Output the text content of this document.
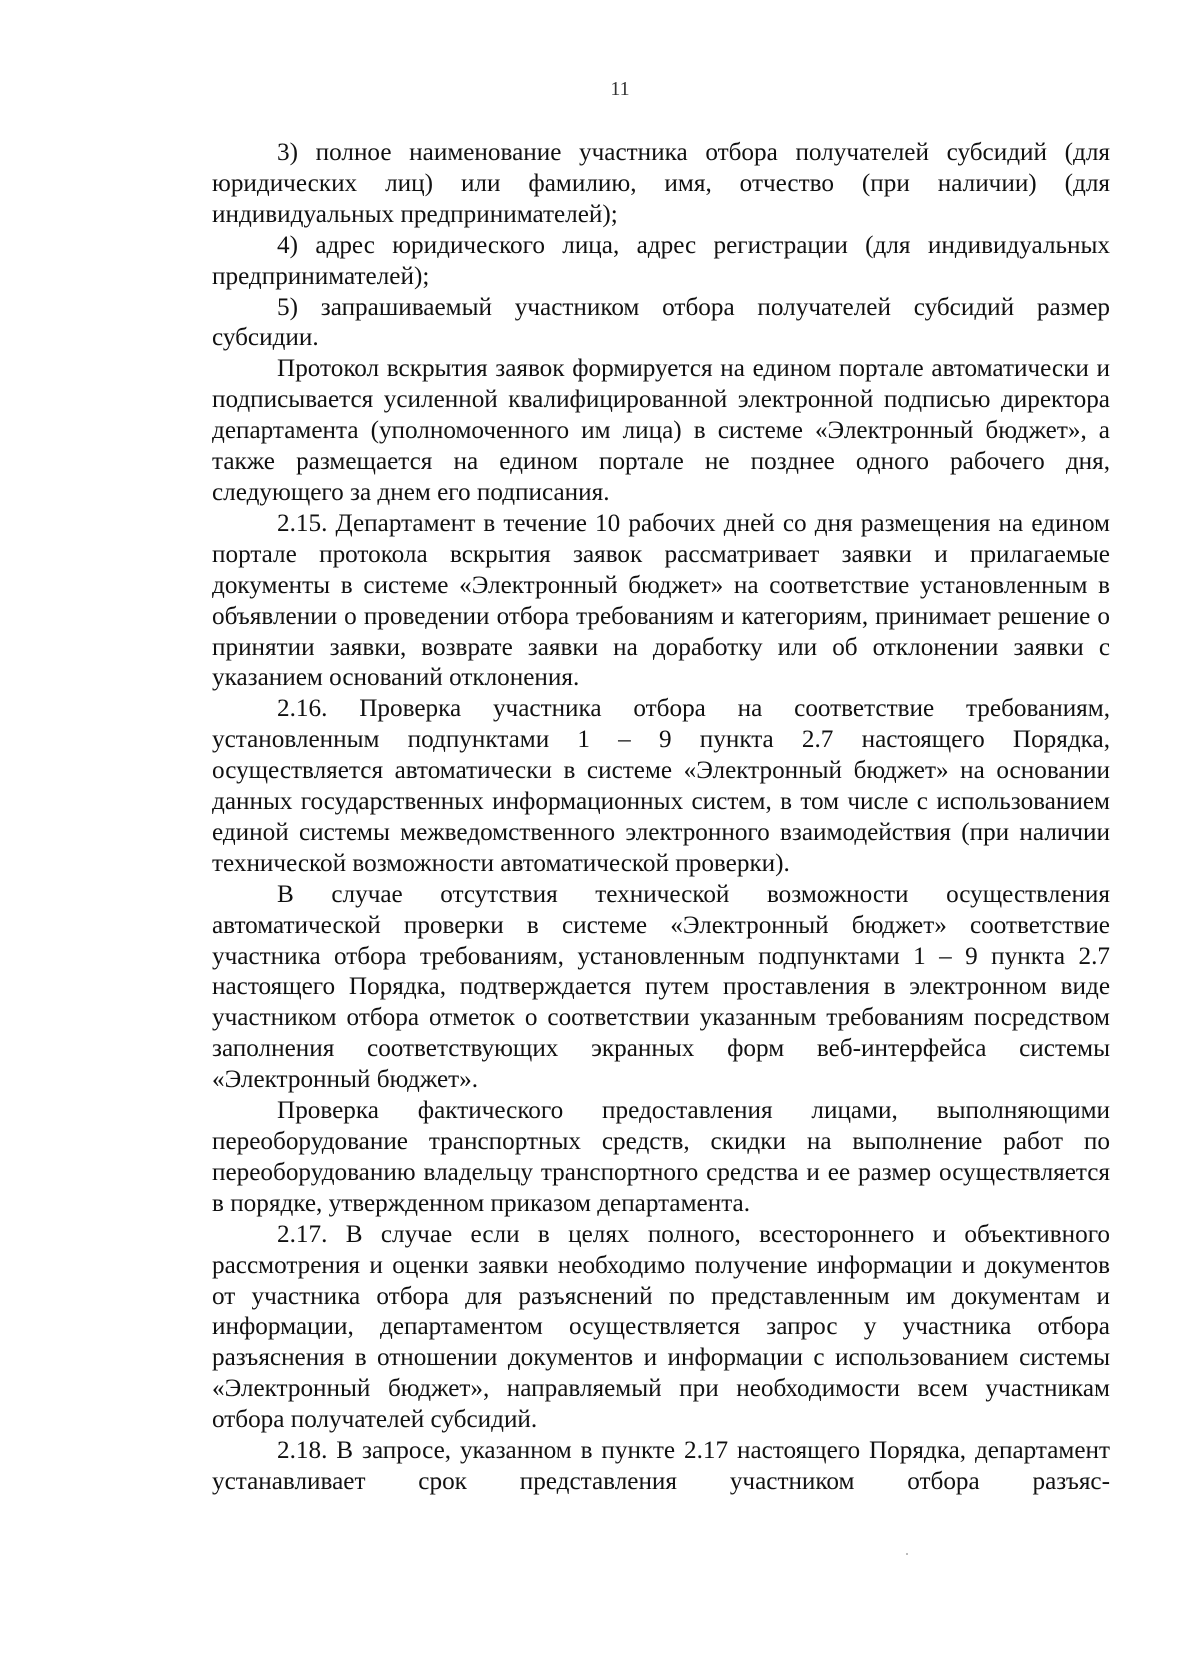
11

3) полное наименование участника отбора получателей субсидий (для юридических лиц) или фамилию, имя, отчество (при наличии) (для индивидуальных предпринимателей);

4) адрес юридического лица, адрес регистрации (для индивидуальных предпринимателей);

5) запрашиваемый участником отбора получателей субсидий размер субсидии.

Протокол вскрытия заявок формируется на едином портале автоматически и подписывается усиленной квалифицированной электронной подписью директора департамента (уполномоченного им лица) в системе «Электронный бюджет», а также размещается на едином портале не позднее одного рабочего дня, следующего за днем его подписания.

2.15. Департамент в течение 10 рабочих дней со дня размещения на едином портале протокола вскрытия заявок рассматривает заявки и прилагаемые документы в системе «Электронный бюджет» на соответствие установленным в объявлении о проведении отбора требованиям и категориям, принимает решение о принятии заявки, возврате заявки на доработку или об отклонении заявки с указанием оснований отклонения.

2.16. Проверка участника отбора на соответствие требованиям, установленным подпунктами 1 – 9 пункта 2.7 настоящего Порядка, осуществляется автоматически в системе «Электронный бюджет» на основании данных государственных информационных систем, в том числе с использованием единой системы межведомственного электронного взаимодействия (при наличии технической возможности автоматической проверки).

В случае отсутствия технической возможности осуществления автоматической проверки в системе «Электронный бюджет» соответствие участника отбора требованиям, установленным подпунктами 1 – 9 пункта 2.7 настоящего Порядка, подтверждается путем проставления в электронном виде участником отбора отметок о соответствии указанным требованиям посредством заполнения соответствующих экранных форм веб-интерфейса системы «Электронный бюджет».

Проверка фактического предоставления лицами, выполняющими переоборудование транспортных средств, скидки на выполнение работ по переоборудованию владельцу транспортного средства и ее размер осуществляется в порядке, утвержденном приказом департамента.

2.17. В случае если в целях полного, всестороннего и объективного рассмотрения и оценки заявки необходимо получение информации и документов от участника отбора для разъяснений по представленным им документам и информации, департаментом осуществляется запрос у участника отбора разъяснения в отношении документов и информации с использованием системы «Электронный бюджет», направляемый при необходимости всем участникам отбора получателей субсидий.

2.18. В запросе, указанном в пункте 2.17 настоящего Порядка, департамент устанавливает срок представления участником отбора разъяс-
